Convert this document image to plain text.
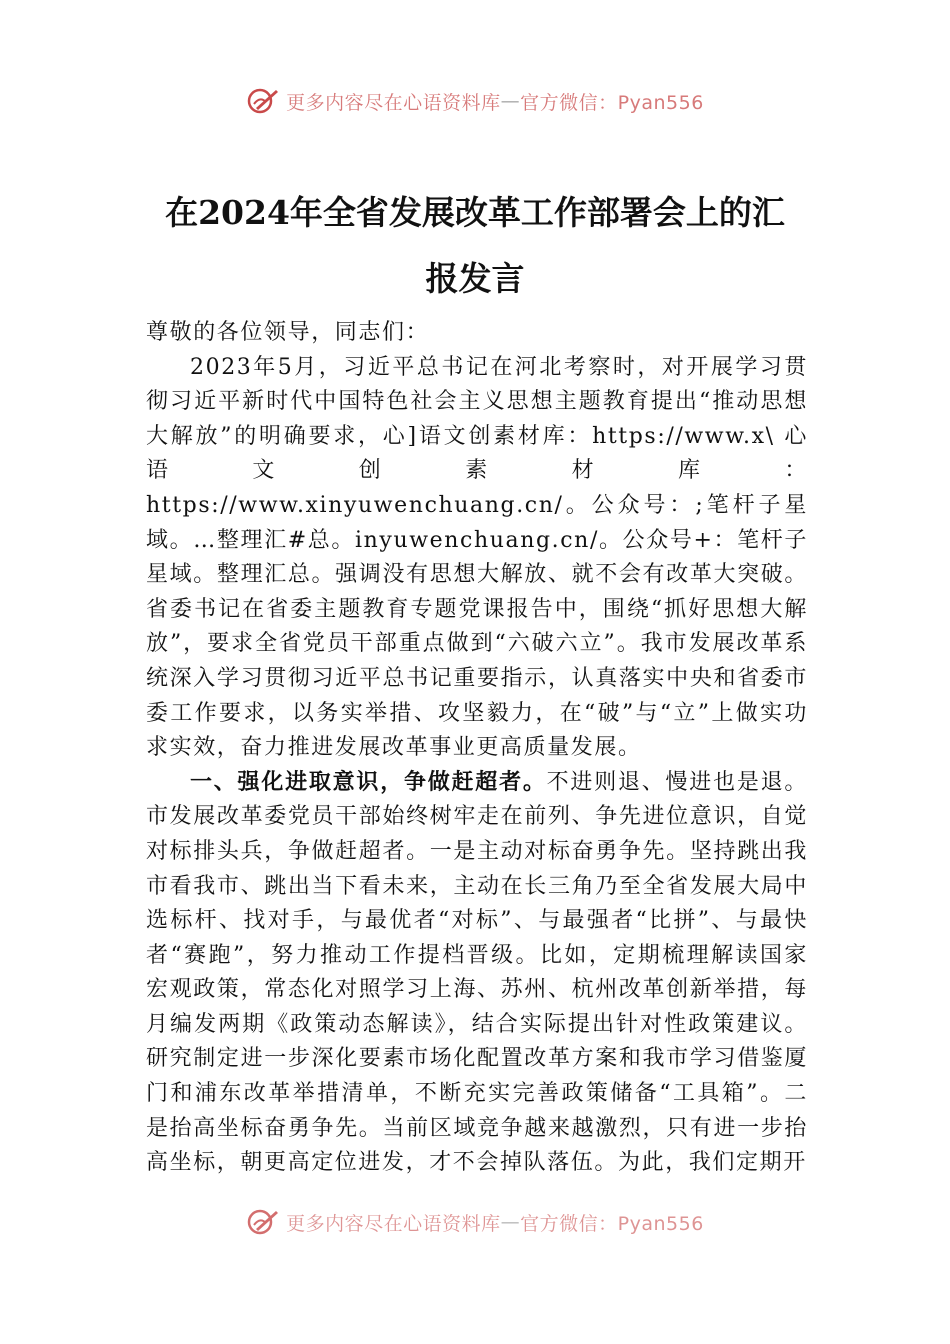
更多内容尽在心语资料库 — 官方微信：Pyan556
在2024年全省发展改革工作部署会上的汇
报发言

尊敬的各位领导，同志们：

2023年5月，习近平总书记在河北考察时，对开展学习贯彻习近平新时代中国特色社会主义思想主题教育提出“推动思想大解放”的明确要求，心]语文创素材库：https://www.x\ 心 语 文 创 素 材 库 ： https://www.xinyuwenchuang.cn/。公众号：;笔杆子星域。…整理汇#总。inyuwenchuang.cn/。公众号+：笔杆子星域。整理汇总。强调没有思想大解放、就不会有改革大突破。省委书记在省委主题教育专题党课报告中，围绕“抓好思想大解放”，要求全省党员干部重点做到“六破六立”。我市发展改革系统深入学习贯彻习近平总书记重要指示，认真落实中央和省委市委工作要求，以务实举措、攻坚毅力，在“破”与“立”上做实功求实效，奋力推进发展改革事业更高质量发展。

一、强化进取意识，争做赶超者。不进则退、慢进也是退。市发展改革委党员干部始终树牢走在前列、争先进位意识，自觉对标排头兵，争做赶超者。一是主动对标奋勇争先。坚持跳出我市看我市、跳出当下看未来，主动在长三角乃至全省发展大局中选标杆、找对手，与最优者“对标”、与最强者“比拼”、与最快者“赛跑”，努力推动工作提档晋级。比如，定期梳理解读国家宏观政策，常态化对照学习上海、苏州、杭州改革创新举措，每月编发两期《政策动态解读》，结合实际提出针对性政策建议。研究制定进一步深化要素市场化配置改革方案和我市学习借鉴厦门和浦东改革举措清单，不断充实完善政策储备“工具箱”。二是抬高坐标奋勇争先。当前区域竞争越来越激烈，只有进一步抬高坐标，朝更高定位进发，才不会掉队落伍。为此，我们定期开

更多内容尽在心语资料库 — 官方微信：Pyan556
